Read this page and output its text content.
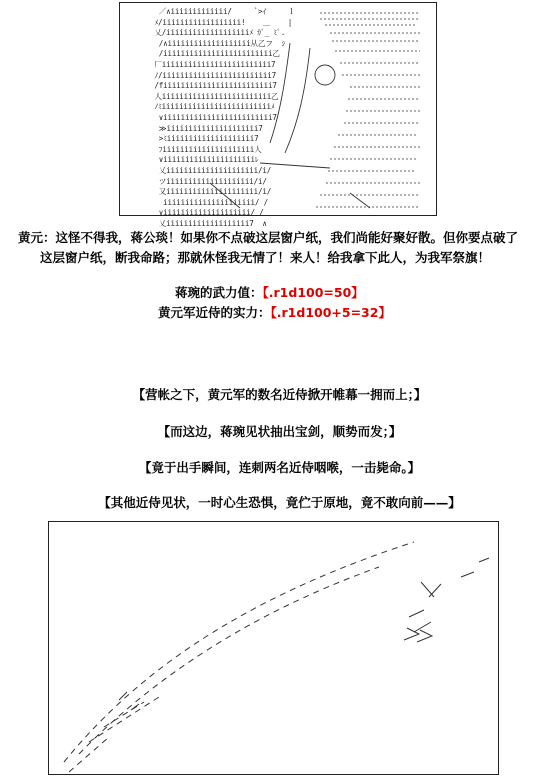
／∧iiiiiiiiiiiii/     `>ｲ     ｌ
ﾒ/iiiiiiiiiiiiiiiiii!    ＿    |
乂/iiiiiiiiiiiiiiiiiiiﾒ ｶﾞ_ ﾐﾟ.
/∧iiiiiiiiiiiiiiiiiii从乙フ  ｼ
/iiiiiiiiiiiiiiiiiiiiiiiii乙
厂iiiiiiiiiiiiiiiiiiiiiiiii7
ﾉ/iiiiiiiiiiiiiiiiiiiiiiiii7
/fiiiiiiiiiiiiiiiiiiiiiiiii7
人iiiiiiiiiiiiiiiiiiiiiiiii乙
ﾉﾐiiiiiiiiiiiiiiiiiiiiiiiiiﾒ
∨iiiiiiiiiiiiiiiiiiiiiiiii7
≫iiiiiiiiiiiiiiiiiiiii7
>ﾐiiiiiiiiiiiiiiiiiiii7
ﾌiiiiiiiiiiiiiiiiiiiii人
∨iiiiiiiiiiiiiiiiiiiiiﾚ
乂iiiiiiiiiiiiiiiiiiiii/i/
ツiiiiiiiiiiiiiiiiiiii/i/
又iiiiiiiiiiiiiiiiiiiii/i/
iiiiiiiiiiiiiiiiiiiii/ /
∨iiiiiiiiiiiiiiiiiiii/ /
乂iiiiiiiiiiiiiiiiiii7  ∧
黄元：这怪不得我，蒋公琰！如果你不点破这层窗户纸，我们尚能好聚好散。但你要点破了
这层窗户纸，断我命路；那就休怪我无情了！来人！给我拿下此人，为我军祭旗！
蒋琬的武力值：【.r1d100=50】
黄元军近侍的实力：【.r1d100+5=32】
【营帐之下，黄元军的数名近侍掀开帷幕一拥而上；】
【而这边，蒋琬见状抽出宝剑，顺势而发；】
【竟于出手瞬间，连刺两名近侍咽喉，一击毙命。】
【其他近侍见状，一时心生恐惧，竟伫于原地，竟不敢向前——】
